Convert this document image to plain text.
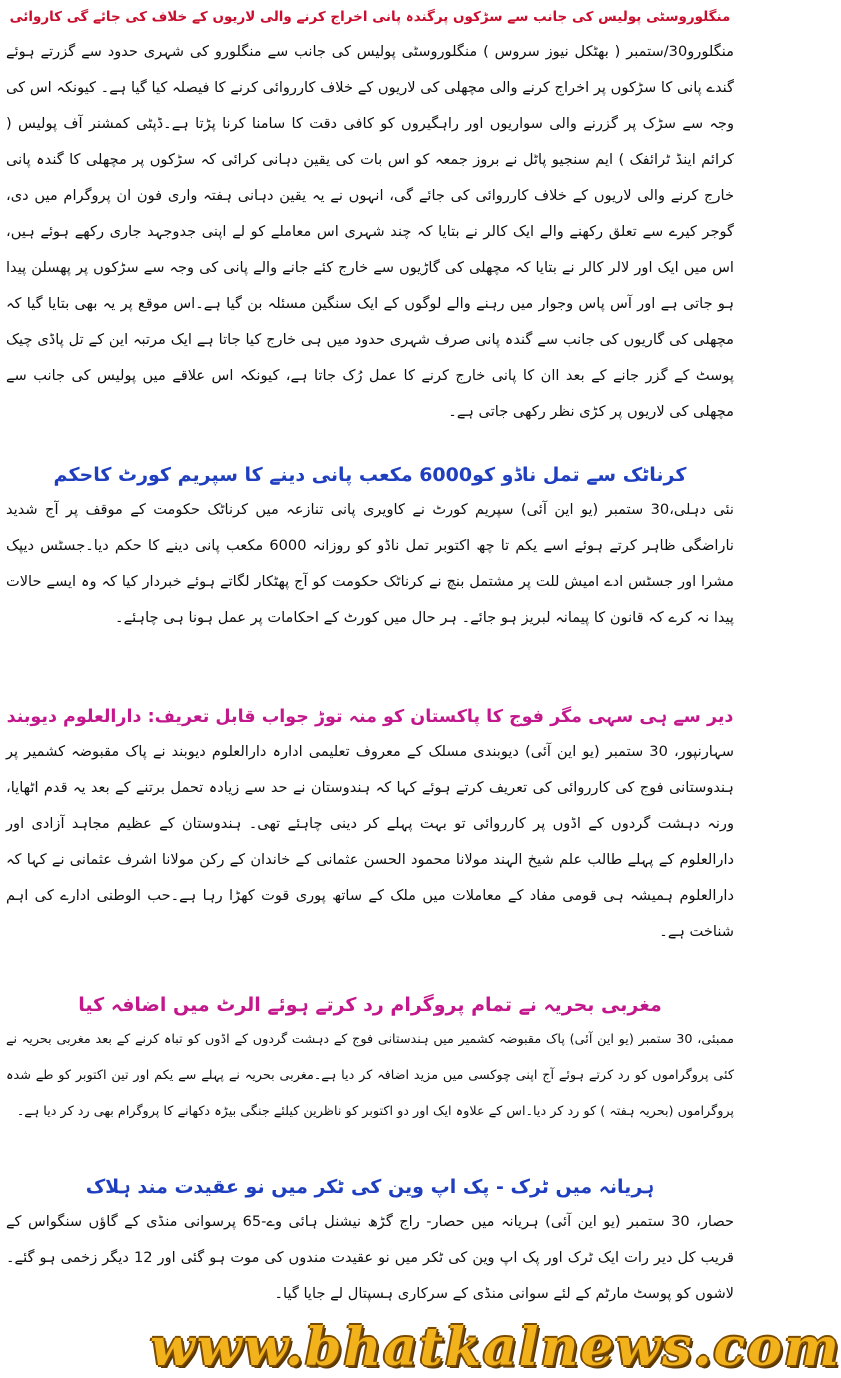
منگلوروسٹی پولیس کی جانب سے سڑکوں پرگندہ پانی اخراج کرنے والی لاریوں کے خلاف کی جائے گی کاروائی
منگلورو30/ستمبر ( بھٹکل نیوز سروس ) منگلوروسٹی پولیس کی جانب سے منگلورو کی شہری حدود سے گزرتے ہوئے گندے پانی کا سڑکوں پر اخراج کرنے والی مچھلی کی لاریوں کے خلاف کارروائی کرنے کا فیصلہ کیا گیا ہے۔ کیونکہ اس کی وجہ سے سڑک پر گزرنے والی سواریوں اور راہگیروں کو کافی دقت کا سامنا کرنا پڑتا ہے۔ڈپٹی کمشنر آف پولیس ( کرائم اینڈ ٹرائفک ) ایم سنجیو پاٹل نے بروز جمعہ کو اس بات کی یقین دہانی کرائی کہ سڑکوں پر مچھلی کا گندہ پانی خارج کرنے والی لاریوں کے خلاف کارروائی کی جائے گی، انہوں نے یہ یقین دہانی ہفتہ واری فون ان پروگرام میں دی، گوجر کیرے سے تعلق رکھنے والے ایک کالر نے بتایا کہ چند شہری اس معاملے کو لے اپنی جدوجہد جاری رکھے ہوئے ہیں، اس میں ایک اور لالر کالر نے بتایا کہ مچھلی کی گاڑیوں سے خارج کئے جانے والے پانی کی وجہ سے سڑکوں پر پھسلن پیدا ہو جاتی ہے اور آس پاس وجوار میں رہنے والے لوگوں کے ایک سنگین مسئلہ بن گیا ہے۔اس موقع پر یہ بھی بتایا گیا کہ مچھلی کی گاریوں کی جانب سے گندہ پانی صرف شہری حدود میں ہی خارج کیا جاتا ہے ایک مرتبہ این کے تل پاڈی چیک پوسٹ کے گزر جانے کے بعد اان کا پانی خارج کرنے کا عمل رُک جاتا ہے، کیونکہ اس علاقے میں پولیس کی جانب سے مچھلی کی لاریوں پر کڑی نظر رکھی جاتی ہے۔
کرناٹک سے تمل ناڈو کو6000 مکعب پانی دینے کا سپریم کورٹ کاحکم
نئی دہلی،30 ستمبر (یو این آئی) سپریم کورٹ نے کاویری پانی تنازعہ میں کرناٹک حکومت کے موقف پر آج شدید ناراضگی ظاہر کرتے ہوئے اسے یکم تا چھ اکتوبر تمل ناڈو کو روزانہ 6000 مکعب پانی دینے کا حکم دیا۔جسٹس دیپک مشرا اور جسٹس ادے امیش للت پر مشتمل بنچ نے کرناٹک حکومت کو آج پھٹکار لگاتے ہوئے خبردار کیا کہ وہ ایسے حالات پیدا نہ کرے کہ قانون کا پیمانہ لبریز ہو جائے۔ ہر حال میں کورٹ کے احکامات پر عمل ہونا ہی چاہئے۔
دیر سے ہی سہی مگر فوج کا پاکستان کو منہ توڑ جواب قابل تعریف: دارالعلوم دیوبند
سہارنپور، 30 ستمبر (یو این آئی) دیوبندی مسلک کے معروف تعلیمی ادارہ دارالعلوم دیوبند نے پاک مقبوضہ کشمیر پر ہندوستانی فوج کی کارروائی کی تعریف کرتے ہوئے کہا کہ ہندوستان نے حد سے زیادہ تحمل برتنے کے بعد یہ قدم اٹھایا، ورنہ دہشت گردوں کے اڈوں پر کارروائی تو بہت پہلے کر دینی چاہئے تھی۔ ہندوستان کے عظیم مجاہد آزادی اور دارالعلوم کے پہلے طالب علم شیخ الہند مولانا محمود الحسن عثمانی کے خاندان کے رکن مولانا اشرف عثمانی نے کہا کہ دارالعلوم ہمیشہ ہی قومی مفاد کے معاملات میں ملک کے ساتھ پوری قوت کھڑا رہا ہے۔حب الوطنی ادارے کی اہم شناخت ہے۔
مغربی بحریہ نے تمام پروگرام رد کرتے ہوئے الرٹ میں اضافہ کیا
ممبئی، 30 ستمبر (یو این آئی) پاک مقبوضہ کشمیر میں ہندستانی فوج کے دہشت گردوں کے اڈوں کو تباہ کرنے کے بعد مغربی بحریہ نے کئی پروگراموں کو رد کرتے ہوئے آج اپنی چوکسی میں مزید اضافہ کر دیا ہے۔مغربی بحریہ نے پہلے سے یکم اور تین اکتوبر کو طے شدہ پروگراموں (بحریہ ہفتہ ) کو رد کر دیا۔اس کے علاوہ ایک اور دو اکتوبر کو ناظرین کیلئے جنگی بیڑہ دکھانے کا پروگرام بھی رد کر دیا ہے۔
ہریانہ میں ٹرک - پک اپ وین کی ٹکر میں نو عقیدت مند ہلاک
حصار، 30 ستمبر (یو این آئی) ہریانہ میں حصار- راج گڑھ نیشنل ہائی وے-65 پرسوانی منڈی کے گاؤں سنگواس کے قریب کل دیر رات ایک ٹرک اور پک اپ وین کی ٹکر میں نو عقیدت مندوں کی موت ہو گئی اور 12 دیگر زخمی ہو گئے۔لاشوں کو پوسٹ مارٹم کے لئے سوانی منڈی کے سرکاری ہسپتال لے جایا گیا۔
www.bhatkalnews.com
